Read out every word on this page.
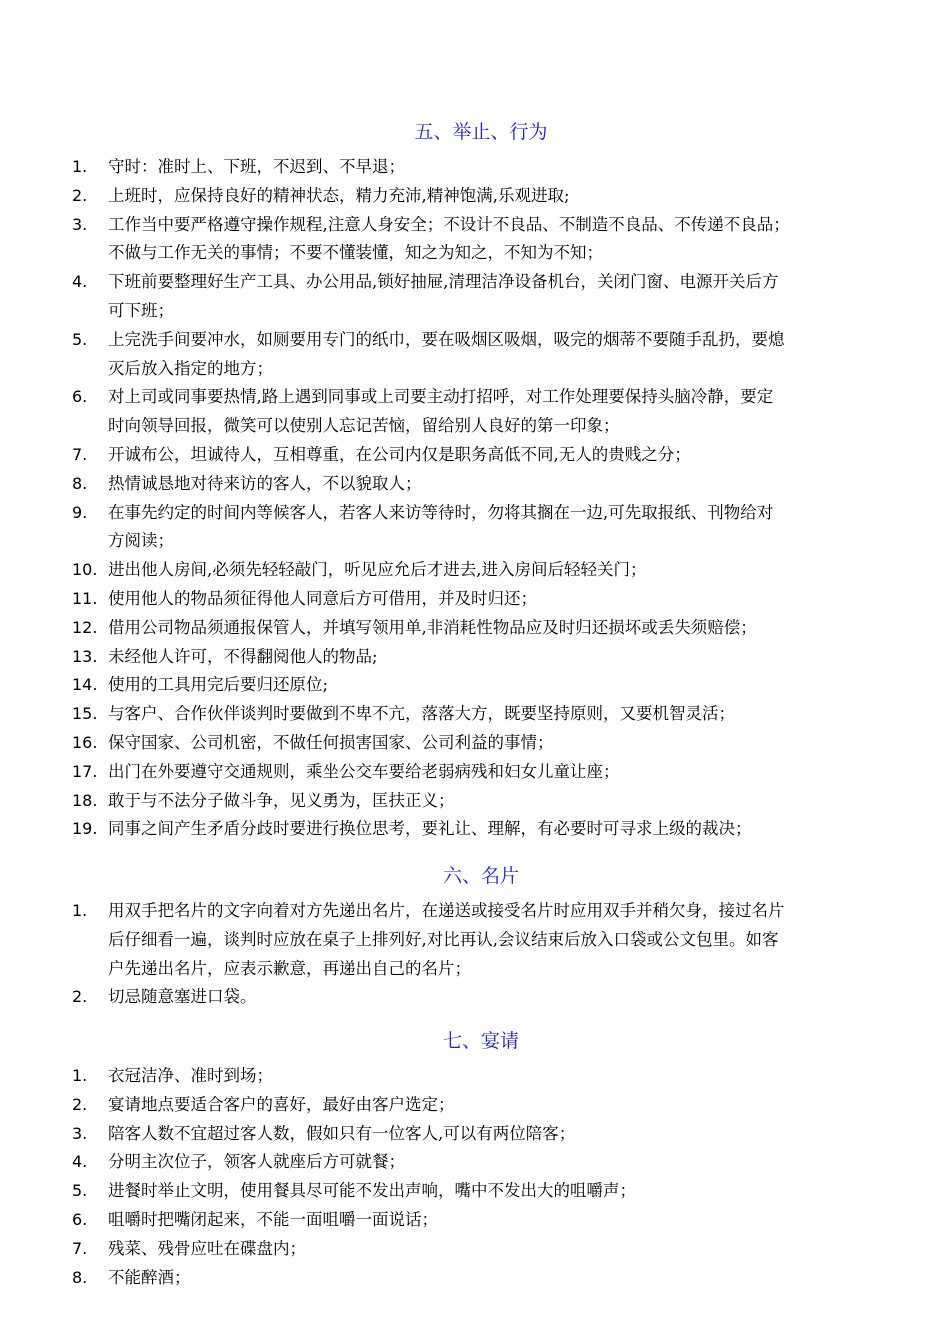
五、举止、行为
1. 守时：准时上、下班，不迟到、不早退；
2. 上班时，应保持良好的精神状态，精力充沛,精神饱满,乐观进取;
3. 工作当中要严格遵守操作规程,注意人身安全；不设计不良品、不制造不良品、不传递不良品；
不做与工作无关的事情；不要不懂装懂，知之为知之，不知为不知；
4. 下班前要整理好生产工具、办公用品,锁好抽屉,清理洁净设备机台，关闭门窗、电源开关后方
可下班；
5. 上完洗手间要冲水，如厕要用专门的纸巾，要在吸烟区吸烟，吸完的烟蒂不要随手乱扔，要熄
灭后放入指定的地方；
6. 对上司或同事要热情,路上遇到同事或上司要主动打招呼，对工作处理要保持头脑冷静，要定
时向领导回报，微笑可以使别人忘记苦恼，留给别人良好的第一印象；
7. 开诚布公，坦诚待人，互相尊重，在公司内仅是职务高低不同,无人的贵贱之分；
8. 热情诚恳地对待来访的客人，不以貌取人；
9. 在事先约定的时间内等候客人，若客人来访等待时，勿将其搁在一边,可先取报纸、刊物给对
方阅读；
10. 进出他人房间,必须先轻轻敲门，听见应允后才进去,进入房间后轻轻关门；
11. 使用他人的物品须征得他人同意后方可借用，并及时归还；
12. 借用公司物品须通报保管人，并填写领用单,非消耗性物品应及时归还损坏或丢失须赔偿；
13. 未经他人许可，不得翻阅他人的物品;
14. 使用的工具用完后要归还原位;
15. 与客户、合作伙伴谈判时要做到不卑不亢，落落大方，既要坚持原则，又要机智灵活；
16. 保守国家、公司机密，不做任何损害国家、公司利益的事情；
17. 出门在外要遵守交通规则，乘坐公交车要给老弱病残和妇女儿童让座；
18. 敢于与不法分子做斗争，见义勇为，匡扶正义；
19. 同事之间产生矛盾分歧时要进行换位思考，要礼让、理解，有必要时可寻求上级的裁决；
六、名片
1. 用双手把名片的文字向着对方先递出名片，在递送或接受名片时应用双手并稍欠身，接过名片
后仔细看一遍，谈判时应放在桌子上排列好,对比再认,会议结束后放入口袋或公文包里。如客
户先递出名片，应表示歉意，再递出自己的名片；
2. 切忌随意塞进口袋。
七、宴请
1. 衣冠洁净、准时到场；
2. 宴请地点要适合客户的喜好，最好由客户选定；
3. 陪客人数不宜超过客人数，假如只有一位客人,可以有两位陪客；
4. 分明主次位子，领客人就座后方可就餐；
5. 进餐时举止文明，使用餐具尽可能不发出声响，嘴中不发出大的咀嚼声；
6. 咀嚼时把嘴闭起来，不能一面咀嚼一面说话；
7. 残菜、残骨应吐在碟盘内；
8. 不能醉酒；
